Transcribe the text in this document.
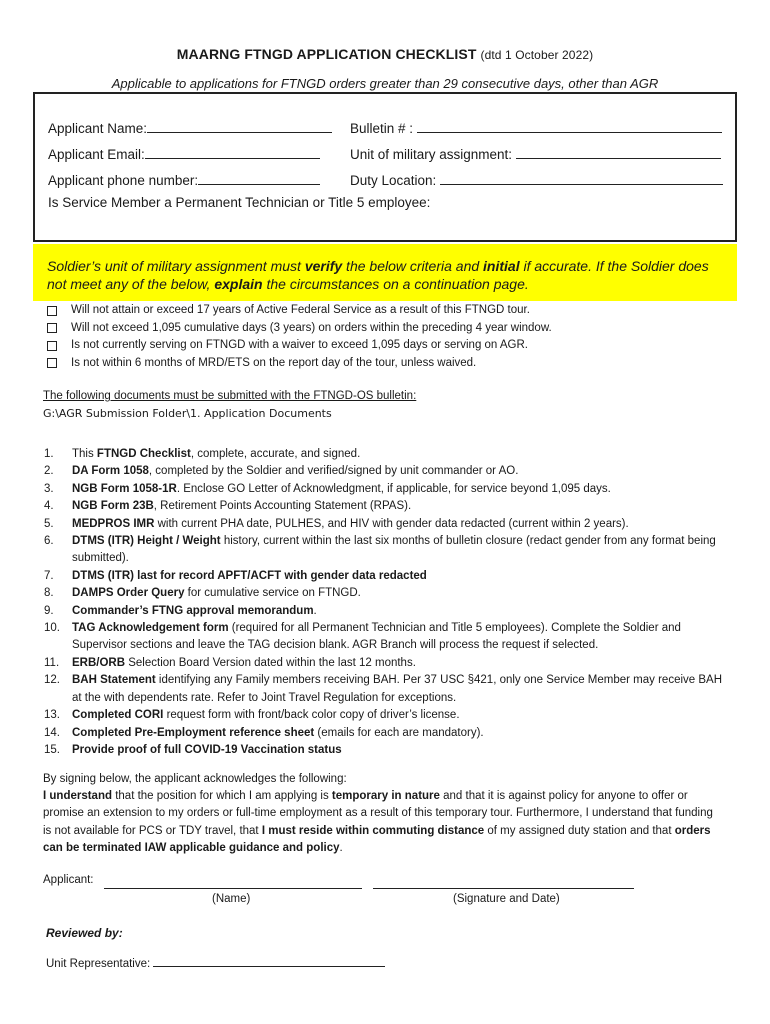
MAARNG FTNGD APPLICATION CHECKLIST (dtd 1 October 2022)
Applicable to applications for FTNGD orders greater than 29 consecutive days, other than AGR
Applicant Name:	Bulletin # :
Applicant Email:	Unit of military assignment:
Applicant phone number:	Duty Location:
Is Service Member a Permanent Technician or Title 5 employee:
Soldier’s unit of military assignment must verify the below criteria and initial if accurate. If the Soldier does not meet any of the below, explain the circumstances on a continuation page.
Will not attain or exceed 17 years of Active Federal Service as a result of this FTNGD tour.
Will not exceed 1,095 cumulative days (3 years) on orders within the preceding 4 year window.
Is not currently serving on FTNGD with a waiver to exceed 1,095 days or serving on AGR.
Is not within 6 months of MRD/ETS on the report day of the tour, unless waived.
The following documents must be submitted with the FTNGD-OS bulletin:
G:\AGR Submission Folder\1. Application Documents
1.	This FTNGD Checklist, complete, accurate, and signed.
2.	DA Form 1058, completed by the Soldier and verified/signed by unit commander or AO.
3.	NGB Form 1058-1R. Enclose GO Letter of Acknowledgment, if applicable, for service beyond 1,095 days.
4.	NGB Form 23B, Retirement Points Accounting Statement (RPAS).
5.	MEDPROS IMR with current PHA date, PULHES, and HIV with gender data redacted (current within 2 years).
6.	DTMS (ITR) Height / Weight history, current within the last six months of bulletin closure (redact gender from any format being submitted).
7.	DTMS (ITR) last for record APFT/ACFT with gender data redacted
8.	DAMPS Order Query for cumulative service on FTNGD.
9.	Commander’s FTNG approval memorandum.
10.	TAG Acknowledgement form (required for all Permanent Technician and Title 5 employees). Complete the Soldier and Supervisor sections and leave the TAG decision blank. AGR Branch will process the request if selected.
11.	ERB/ORB Selection Board Version dated within the last 12 months.
12.	BAH Statement identifying any Family members receiving BAH. Per 37 USC §421, only one Service Member may receive BAH at the with dependents rate. Refer to Joint Travel Regulation for exceptions.
13.	Completed CORI request form with front/back color copy of driver’s license.
14.	Completed Pre-Employment reference sheet (emails for each are mandatory).
15.	Provide proof of full COVID-19 Vaccination status
By signing below, the applicant acknowledges the following:
I understand that the position for which I am applying is temporary in nature and that it is against policy for anyone to offer or promise an extension to my orders or full-time employment as a result of this temporary tour. Furthermore, I understand that funding is not available for PCS or TDY travel, that I must reside within commuting distance of my assigned duty station and that orders can be terminated IAW applicable guidance and policy.
Applicant:
(Name)	(Signature and Date)
Reviewed by:
Unit Representative:
